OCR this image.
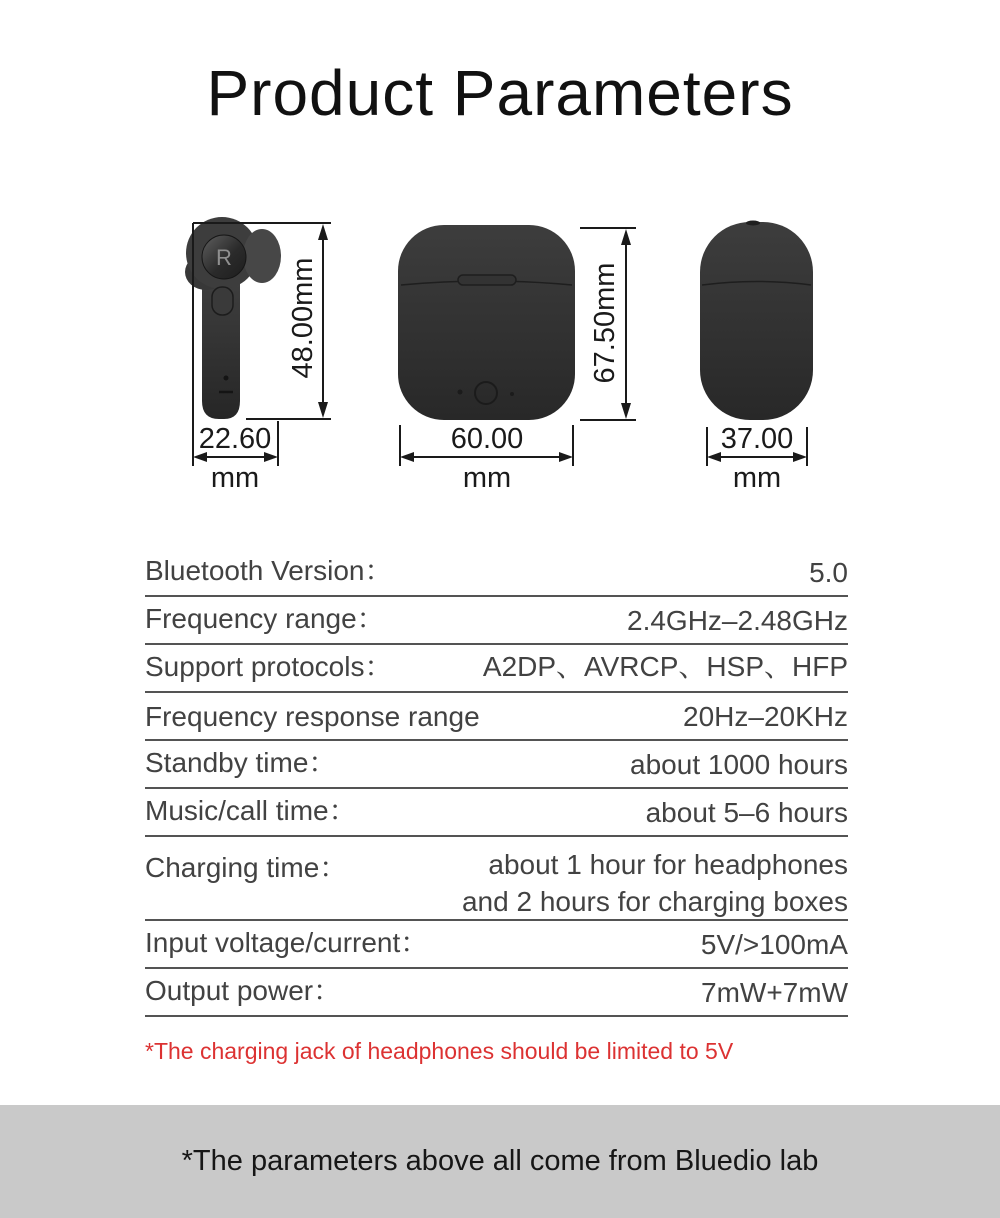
Product Parameters
R
48.00mm
22.60
mm
67.50mm
60.00
mm
37.00
mm
Bluetooth Version：	5.0
Frequency range：	2.4GHz–2.48GHz
Support protocols：	A2DP、AVRCP、HSP、HFP
Frequency response range	20Hz–20KHz
Standby time：	about 1000 hours
Music/call time：	about 5–6 hours
Charging time：	about 1 hour for headphones
and 2 hours for charging boxes
Input voltage/current：	5V/>100mA
Output power：	7mW+7mW
*The charging jack of headphones should be limited to 5V
*The parameters above all come from Bluedio lab
